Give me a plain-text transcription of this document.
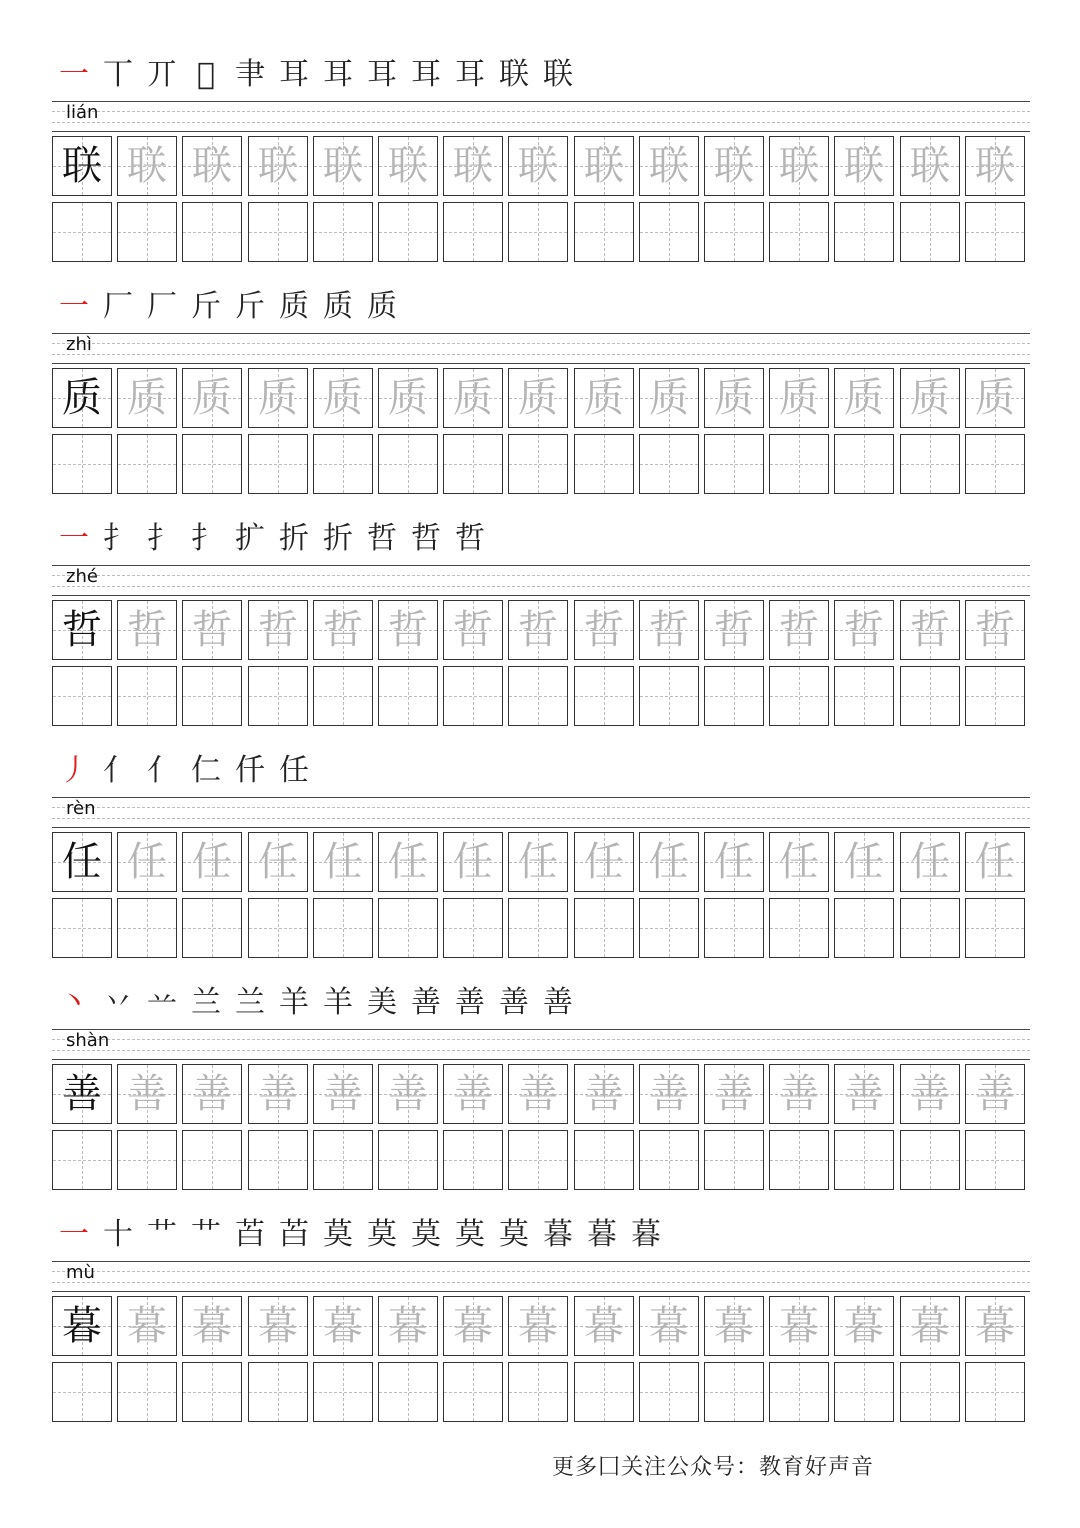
一 丅 丌 𠀌 𦘒 耳 耳 耳 耳 耳 联 联
lián
联 联 联 联 联 联 联 联 联 联 联 联 联 联 联
一 厂 厂 斤 斤 质 质 质
zhì
质 质 质 质 质 质 质 质 质 质 质 质 质 质 质
一 扌 扌 扌 扩 折 折 哲 哲 哲
zhé
哲 哲 哲 哲 哲 哲 哲 哲 哲 哲 哲 哲 哲 哲 哲
丿 亻 亻 仁 仟 任
rèn
任 任 任 任 任 任 任 任 任 任 任 任 任 任 任
丶 丷 䒑 兰 兰 羊 羊 美 善 善 善 善
shàn
善 善 善 善 善 善 善 善 善 善 善 善 善 善 善
一 十 艹 艹 苩 苩 莫 莫 莫 莫 莫 暮 暮 暮
mù
暮 暮 暮 暮 暮 暮 暮 暮 暮 暮 暮 暮 暮 暮 暮
更多囗关注公众号：教育好声音
